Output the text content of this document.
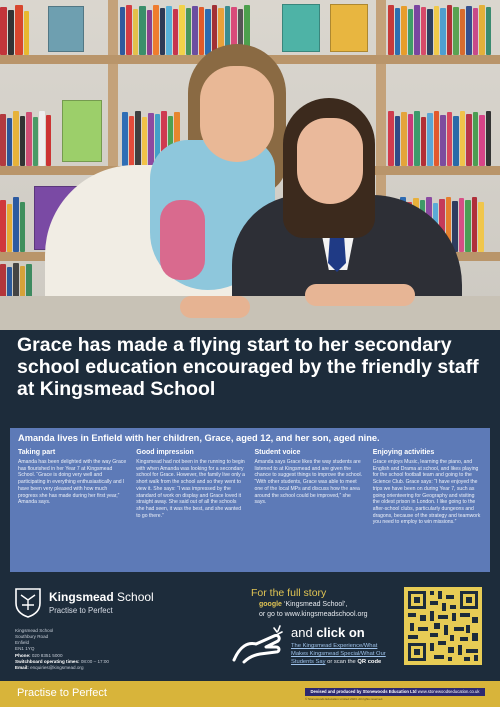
Grace has made a flying start to her secondary school education encouraged by the friendly staff at Kingsmead School
Amanda lives in Enfield with her children, Grace, aged 12, and her son, aged nine.
Taking part

Amanda has been delighted with the way Grace has flourished in her Year 7 at Kingsmead School. “Grace is doing very well and participating in everything enthusiastically and I have been very pleased with how much progress she has made during her first year,” Amanda says.

Good impression

Kingsmead had not been in the running to begin with when Amanda was looking for a secondary school for Grace. However, the family live only a short walk from the school and so they went to view it. She says: “I was impressed by the standard of work on display and Grace loved it straight away. She said out of all the schools she had seen, it was the best, and she wanted to go there.”

Student voice

Amanda says Grace likes the way students are listened to at Kingsmead and are given the chance to suggest things to improve the school. “With other students, Grace was able to meet one of the local MPs and discuss how the area around the school could be improved,” she says.

Enjoying activities

Grace enjoys Music, learning the piano, and English and Drama at school, and likes playing for the school football team and going to the Science Club. Grace says: “I have enjoyed the trips we have been on during Year 7, such as going orienteering for Geography and visiting the oldest prison in London. I like going to the after-school clubs, particularly dungeons and dragons, because of the strategy and teamwork you need to employ to win missions.”

Kingsmead School
Practise to Perfect
Kingsmead School
Southbury Road
Enfield
EN1 1YQ
Phone: 020 8351 5000
Switchboard operating times: 08:00 – 17:00
Email: enquiries@kingsmead.org
For the full story
google ‘Kingsmead School’,
or go to www.kingsmeadschool.org
and click on
The Kingsmead Experience/What
Makes Kingsmead Special/What Our
Students Say or scan the QR code
Practise to Perfect	Devised and produced by Stonewoods Education Ltd www.stonewoodseducation.co.uk
© Stonewoods Education Limited 2023. All rights reserved.
